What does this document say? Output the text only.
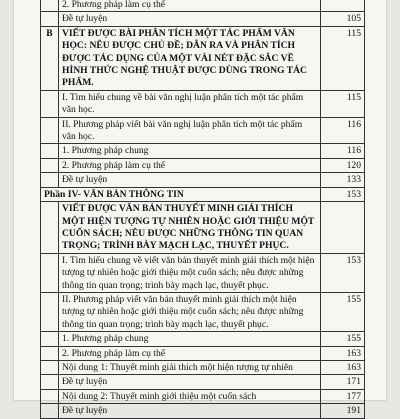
	2. Phương pháp làm cụ thể	
	Đề tự luyện	105
B	VIẾT ĐƯỢC BÀI PHÂN TÍCH MỘT TÁC PHẨM VĂN HỌC: NÊU ĐƯỢC CHỦ ĐỀ; DẪN RA VÀ PHÂN TÍCH ĐƯỢC TÁC DỤNG CỦA MỘT VÀI NÉT ĐẶC SẮC VỀ HÌNH THỨC NGHỆ THUẬT ĐƯỢC DÙNG TRONG TÁC PHẨM.	115
	I. Tìm hiểu chung về bài văn nghị luận phân tích một tác phẩm văn học.	115
	II. Phương pháp viết bài văn nghị luận phân tích một tác phẩm văn học.	116
	1. Phương pháp chung	116
	2. Phương pháp làm cụ thể	120
	Đề tự luyện	133
Phần IV- VĂN BẢN THÔNG TIN		153
	VIẾT ĐƯỢC VĂN BẢN THUYẾT MINH GIẢI THÍCH MỘT HIỆN TƯỢNG TỰ NHIÊN HOẶC GIỚI THIỆU MỘT CUỐN SÁCH; NÊU ĐƯỢC NHỮNG THÔNG TIN QUAN TRỌNG; TRÌNH BÀY MẠCH LẠC, THUYẾT PHỤC.	
	I. Tìm hiểu chung về viết văn bản thuyết minh giải thích một hiện tượng tự nhiên hoặc giới thiệu một cuốn sách; nêu được những thông tin quan trọng; trình bày mạch lạc, thuyết phục.	153
	II. Phương pháp viết văn bản thuyết minh giải thích một hiện tượng tự nhiên hoặc giới thiệu một cuốn sách; nêu được những thông tin quan trọng; trình bày mạch lạc, thuyết phục.	155
	1. Phương pháp chung	155
	2. Phương pháp làm cụ thể	163
	Nội dung 1: Thuyết minh giải thích một hiện tượng tự nhiên	163
	Đề tự luyện	171
	Nội dung 2: Thuyết minh giới thiệu một cuốn sách	177
	Đề tự luyện	191
